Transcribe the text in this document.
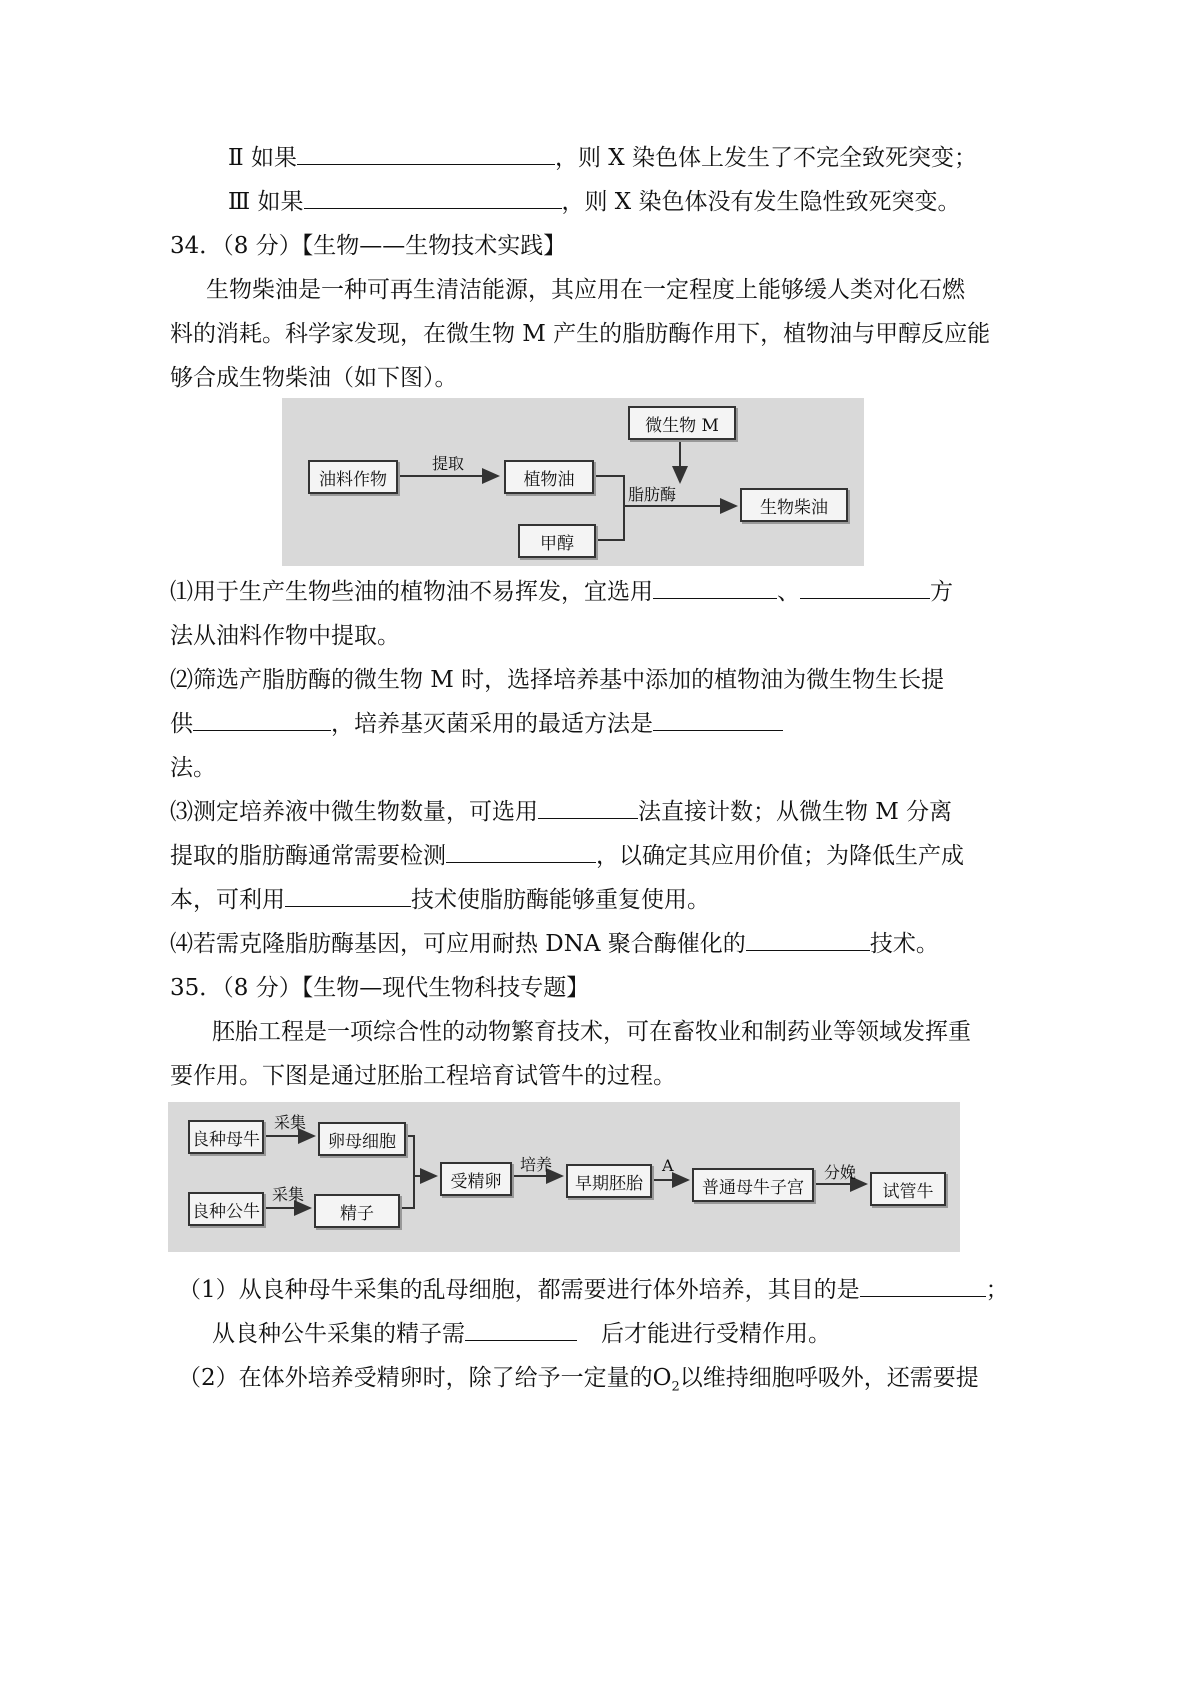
Ⅱ 如果	，则 X 染色体上发生了不完全致死突变；
Ⅲ 如果	，则 X 染色体没有发生隐性致死突变。
34．（8 分）【生物——生物技术实践】
生物柴油是一种可再生清洁能源，其应用在一定程度上能够缓人类对化石燃
料的消耗。科学家发现，在微生物 M 产生的脂肪酶作用下，植物油与甲醇反应能
够合成生物柴油（如下图）。
油料作物	植物油
甲醇
微生物 M
生物柴油
提取
脂肪酶
⑴用于生产生物些油的植物油不易挥发，宜选用	、	方
法从油料作物中提取。
⑵筛选产脂肪酶的微生物 M 时，选择培养基中添加的植物油为微生物生长提
供	，培养基灭菌采用的最适方法是
法。
⑶测定培养液中微生物数量，可选用	法直接计数；从微生物 M 分离
提取的脂肪酶通常需要检测	，以确定其应用价值；为降低生产成
本，可利用	技术使脂肪酶能够重复使用。
⑷若需克隆脂肪酶基因，可应用耐热 DNA 聚合酶催化的	技术。
35．（8 分）【生物—现代生物科技专题】
胚胎工程是一项综合性的动物繁育技术，可在畜牧业和制药业等领域发挥重
要作用。下图是通过胚胎工程培育试管牛的过程。
良种母牛	卵母细胞
良种公牛	精子
受精卵	早期胚胎	普通母牛子宫	试管牛
采集
采集
培养	A	分娩
（1）从良种母牛采集的乱母细胞，都需要进行体外培养，其目的是	；
从良种公牛采集的精子需	后才能进行受精作用。
（2）在体外培养受精卵时，除了给予一定量的$O_2$以维持细胞呼吸外，还需要提
